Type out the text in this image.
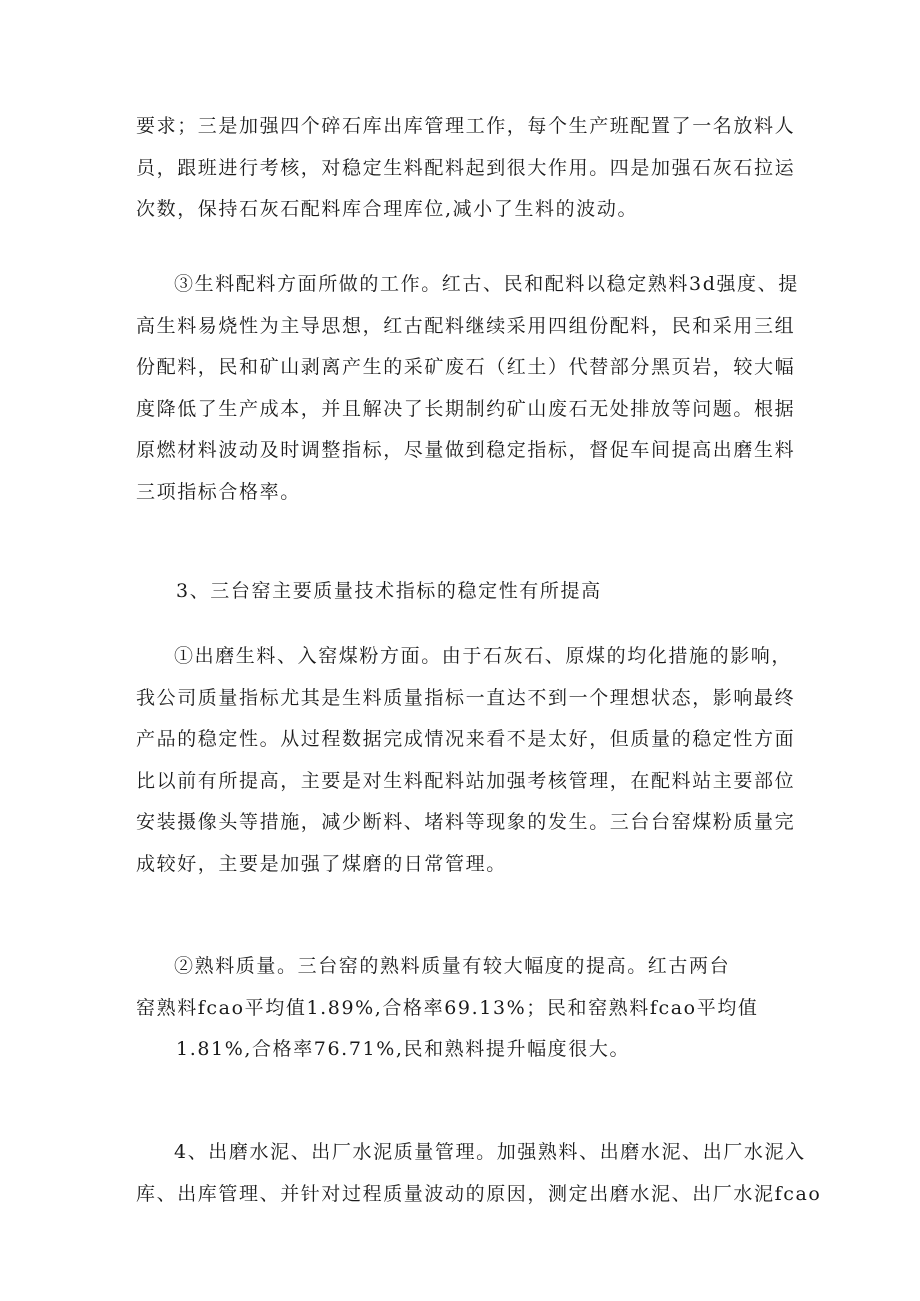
要求；三是加强四个碎石库出库管理工作，每个生产班配置了一名放料人
员，跟班进行考核，对稳定生料配料起到很大作用。四是加强石灰石拉运
次数，保持石灰石配料库合理库位,减小了生料的波动。

③生料配料方面所做的工作。红古、民和配料以稳定熟料3d强度、提
高生料易烧性为主导思想，红古配料继续采用四组份配料，民和采用三组
份配料，民和矿山剥离产生的采矿废石（红土）代替部分黑页岩，较大幅
度降低了生产成本，并且解决了长期制约矿山废石无处排放等问题。根据
原燃材料波动及时调整指标，尽量做到稳定指标，督促车间提高出磨生料
三项指标合格率。

3、三台窑主要质量技术指标的稳定性有所提高

①出磨生料、入窑煤粉方面。由于石灰石、原煤的均化措施的影响，
我公司质量指标尤其是生料质量指标一直达不到一个理想状态，影响最终
产品的稳定性。从过程数据完成情况来看不是太好，但质量的稳定性方面
比以前有所提高，主要是对生料配料站加强考核管理，在配料站主要部位
安装摄像头等措施，减少断料、堵料等现象的发生。三台台窑煤粉质量完
成较好，主要是加强了煤磨的日常管理。

②熟料质量。三台窑的熟料质量有较大幅度的提高。红古两台
窑熟料fcao平均值1.89%,合格率69.13%；民和窑熟料fcao平均值
1.81%,合格率76.71%,民和熟料提升幅度很大。

4、出磨水泥、出厂水泥质量管理。加强熟料、出磨水泥、出厂水泥入
库、出库管理、并针对过程质量波动的原因，测定出磨水泥、出厂水泥fcao
